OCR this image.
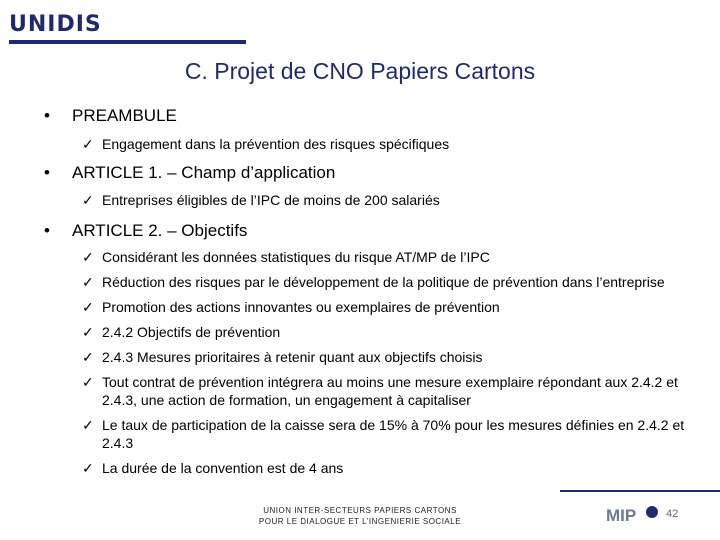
UNIDIS
C. Projet de CNO Papiers Cartons
•	PREAMBULE
✓ Engagement dans la prévention des risques spécifiques
•	ARTICLE 1. – Champ d’application
✓ Entreprises éligibles de l’IPC de moins de 200 salariés
•	ARTICLE 2. – Objectifs
✓ Considérant les données statistiques du risque AT/MP de l’IPC
✓ Réduction des risques par le développement de la politique de prévention dans l’entreprise
✓ Promotion des actions innovantes ou exemplaires de prévention
✓ 2.4.2 Objectifs de prévention
✓ 2.4.3 Mesures prioritaires à retenir quant aux objectifs choisis
✓ Tout contrat de prévention intégrera au moins une mesure exemplaire répondant aux 2.4.2 et 2.4.3, une action de formation, un engagement à capitaliser
✓ Le taux de participation de la caisse sera de 15% à 70% pour les mesures définies en 2.4.2 et 2.4.3
✓ La durée de la convention est de 4 ans
UNION INTER-SECTEURS PAPIERS CARTONS
POUR LE DIALOGUE ET L’INGENIERIE SOCIALE	MIP	42
